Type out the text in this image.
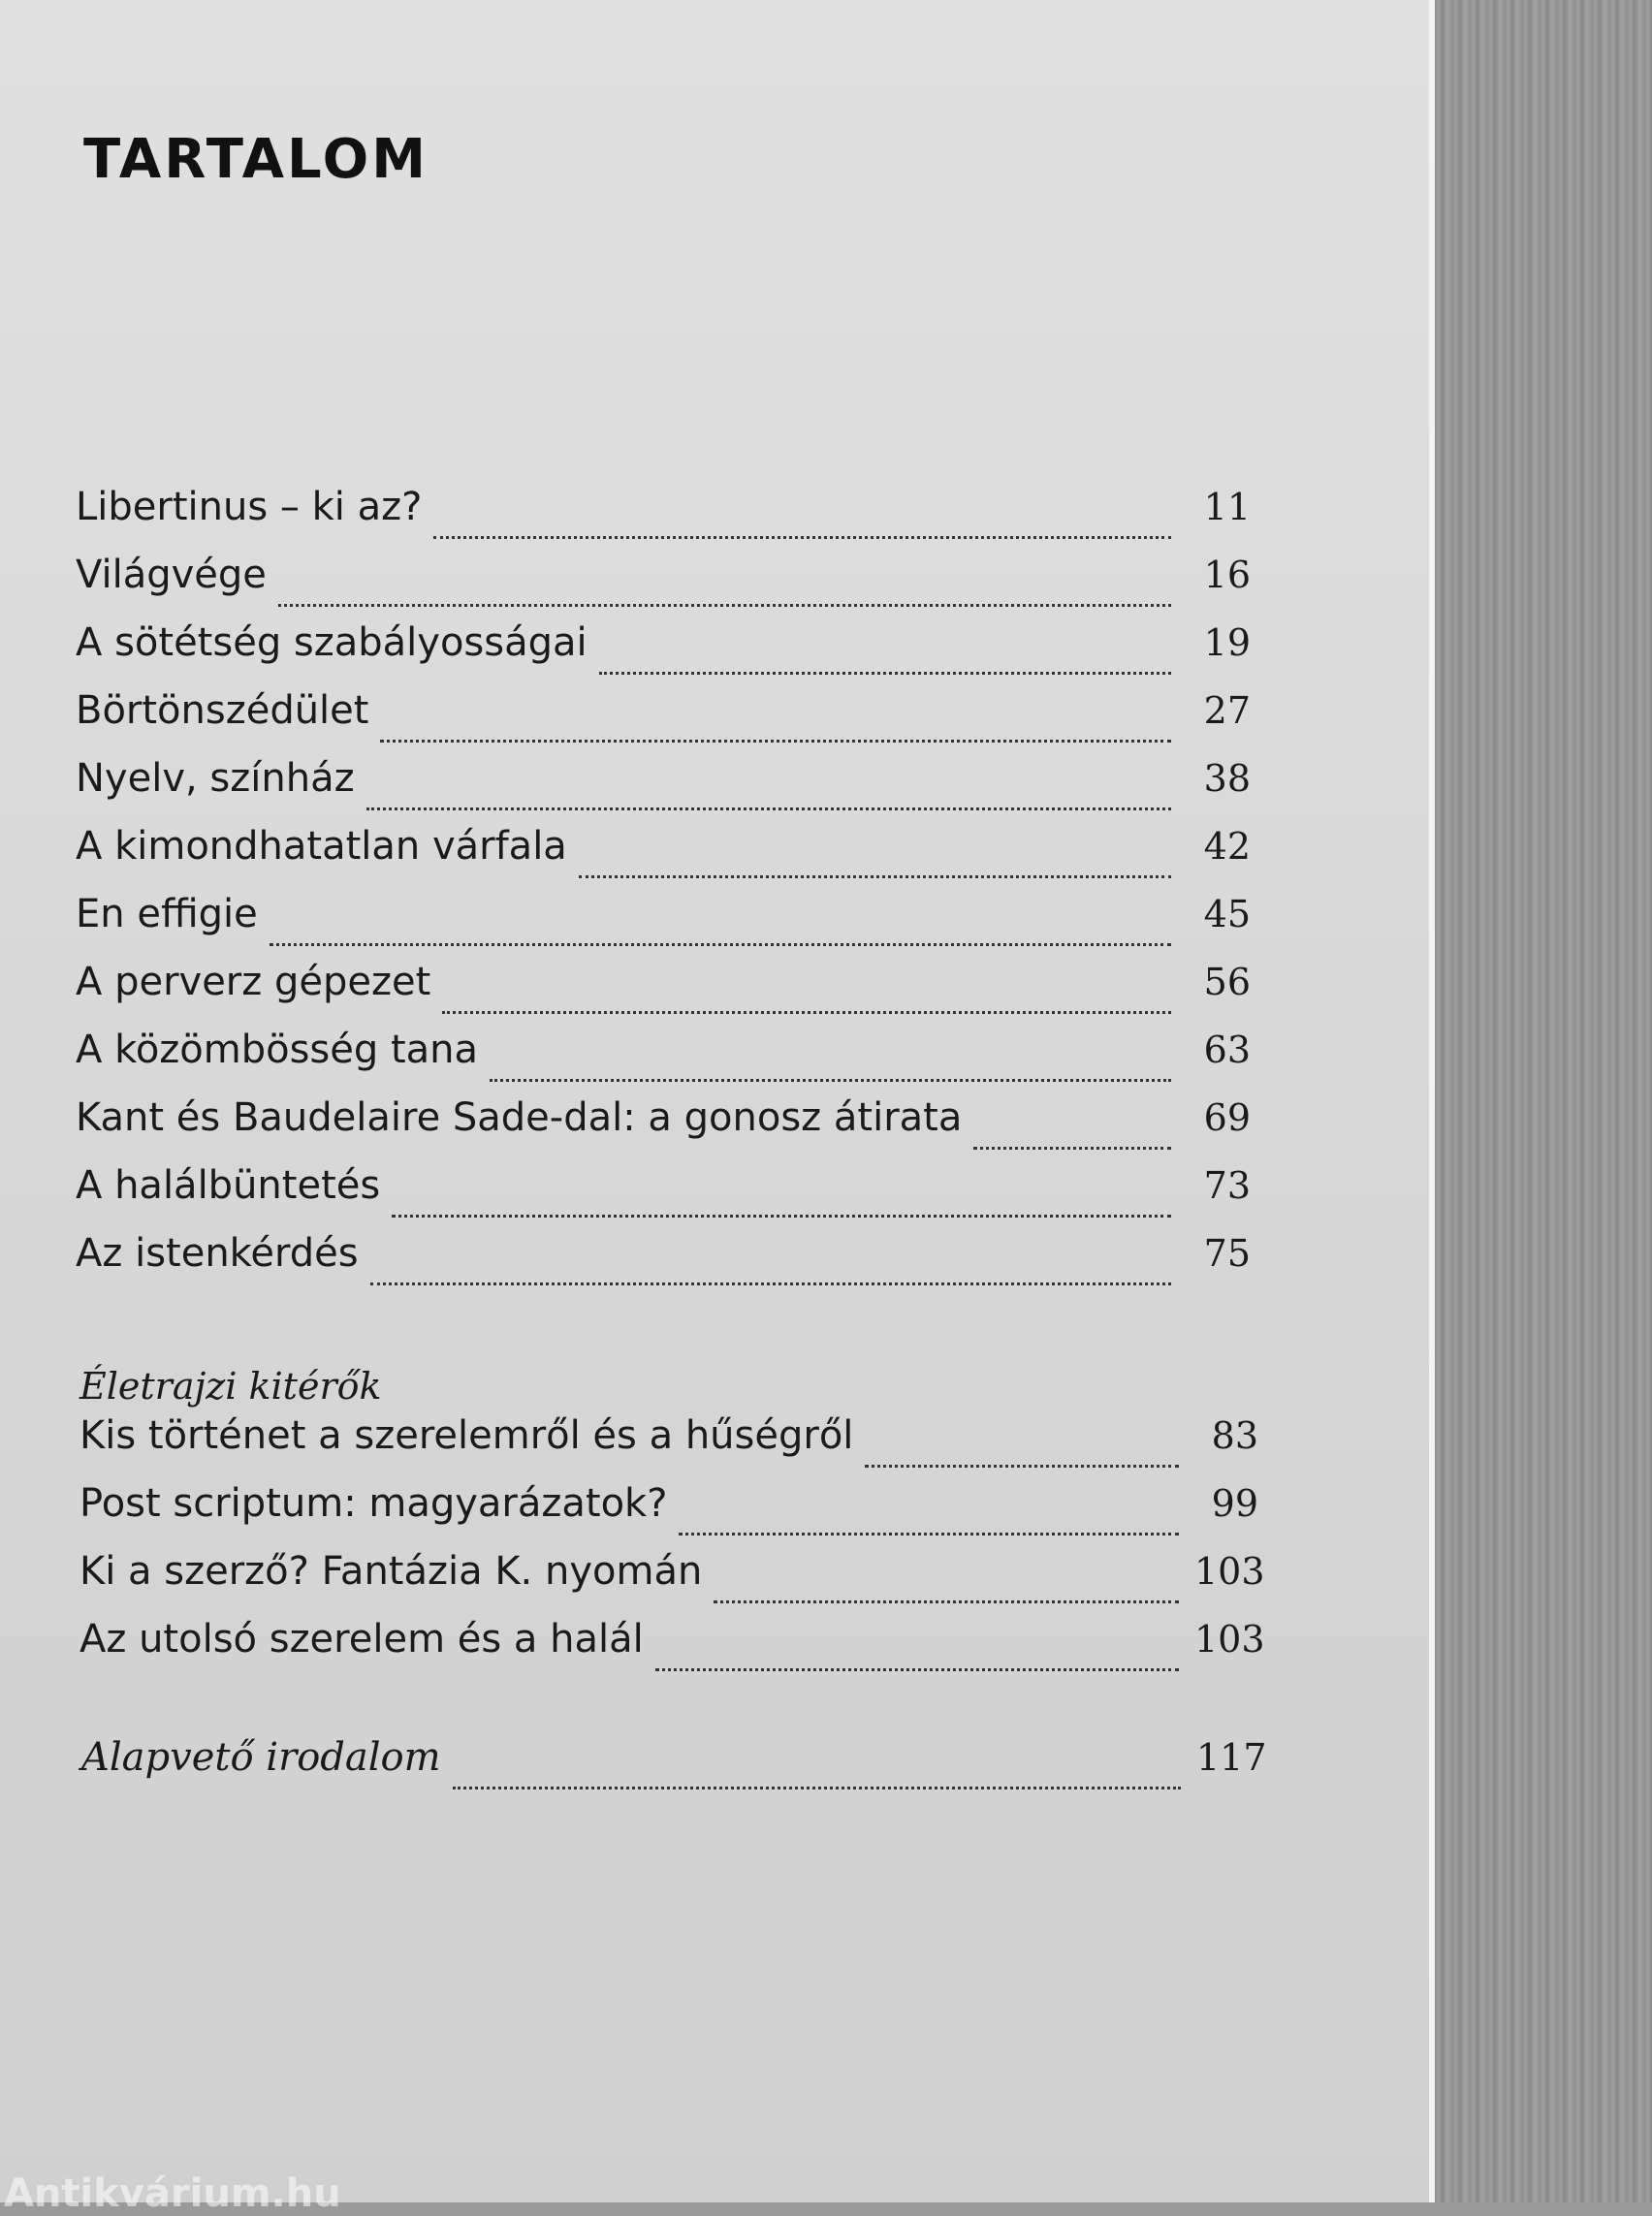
TARTALOM
Libertinus – ki az?	11
Világvége	16
A sötétség szabályosságai	19
Börtönszédület	27
Nyelv, színház	38
A kimondhatatlan várfala	42
En effigie	45
A perverz gépezet	56
A közömbösség tana	63
Kant és Baudelaire Sade-dal: a gonosz átirata	69
A halálbüntetés	73
Az istenkérdés	75
Életrajzi kitérők
Kis történet a szerelemről és a hűségről	83
Post scriptum: magyarázatok?	99
Ki a szerző? Fantázia K. nyomán	103
Az utolsó szerelem és a halál	103
Alapvető irodalom	117
Antikvárium.hu
